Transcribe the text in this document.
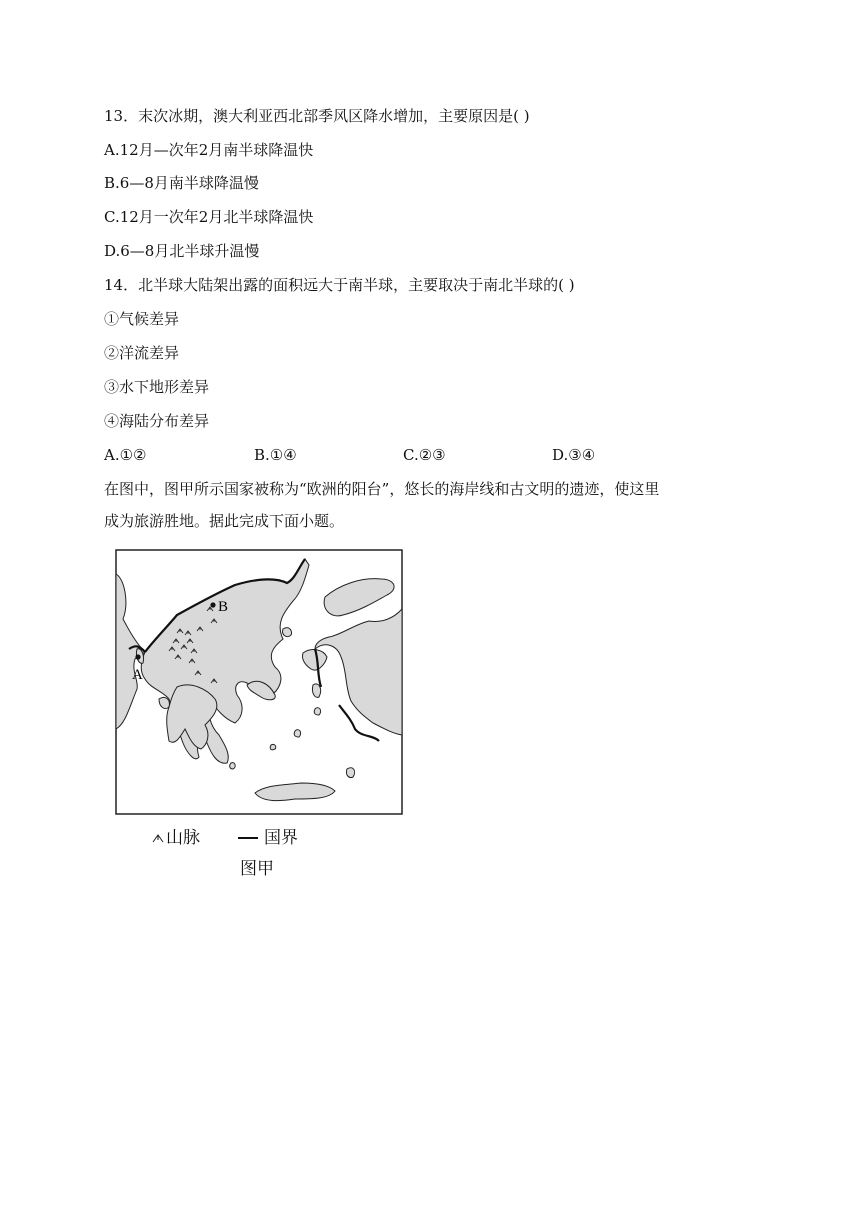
13．末次冰期，澳大利亚西北部季风区降水增加，主要原因是( )
A.12月—次年2月南半球降温快
B.6—8月南半球降温慢
C.12月一次年2月北半球降温快
D.6—8月北半球升温慢
14．北半球大陆架出露的面积远大于南半球，主要取决于南北半球的( )
①气候差异
②洋流差异
③水下地形差异
④海陆分布差异
A.①②	B.①④	C.②③	D.③④
在图中，图甲所示国家被称为“欧洲的阳台”，悠长的海岸线和古文明的遗迹，使这里
成为旅游胜地。据此完成下面小题。
B
A
山脉	国界
图甲
